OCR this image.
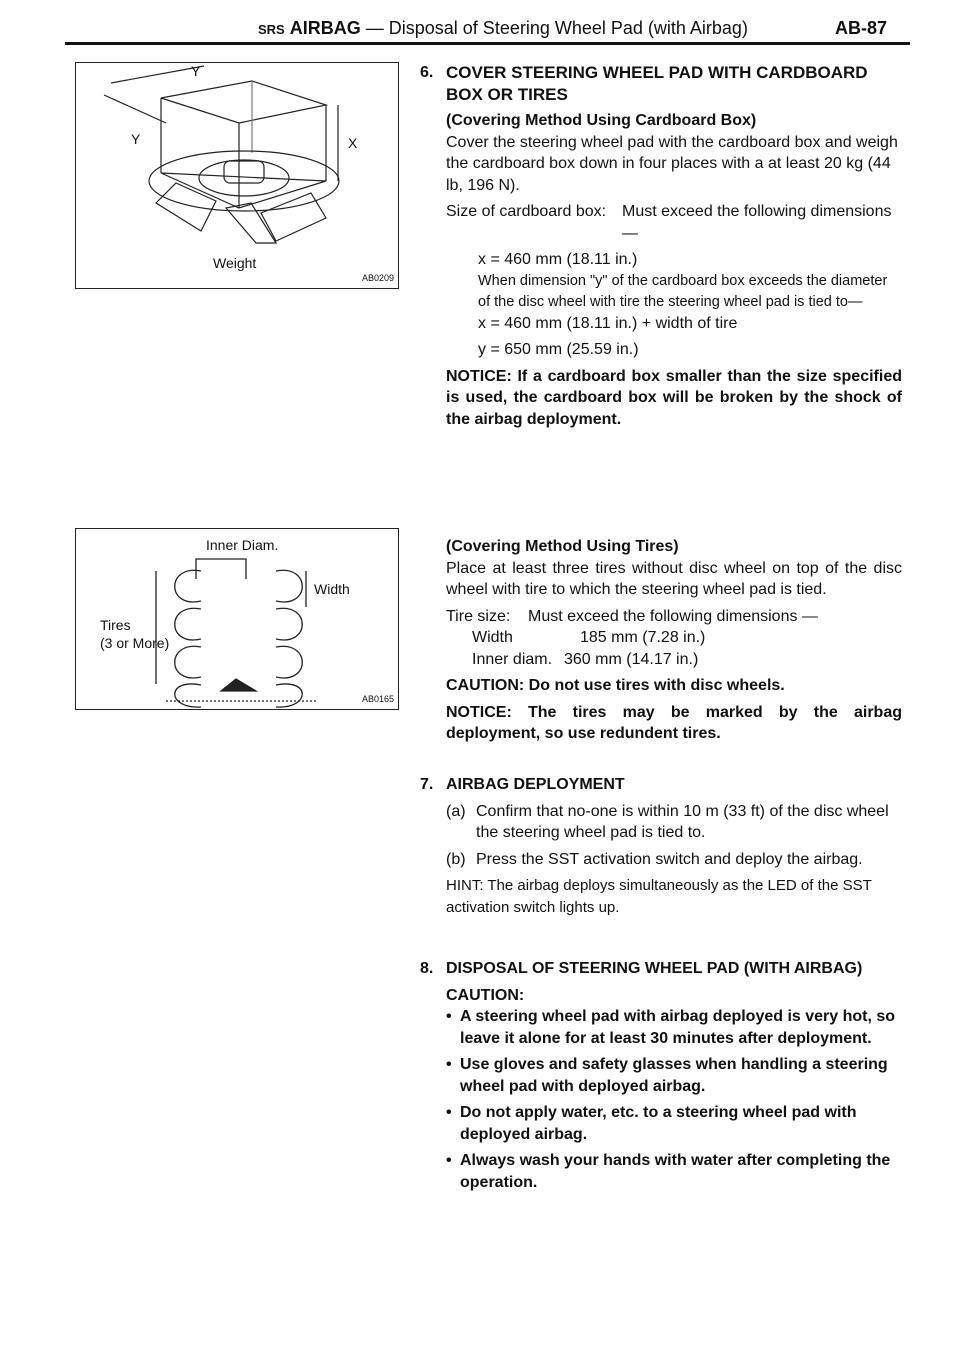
SRS AIRBAG — Disposal of Steering Wheel Pad (with Airbag)	AB-87
Y
Y	X
Weight
AB0209
Inner Diam.
Width
Tires
(3 or More)
AB0165
6. COVER STEERING WHEEL PAD WITH CARDBOARD BOX OR TIRES

(Covering Method Using Cardboard Box)

Cover the steering wheel pad with the cardboard box and weigh the cardboard box down in four places with a at least 20 kg (44 lb, 196 N).

Size of cardboard box: Must exceed the following dimensions—

x = 460 mm (18.11 in.)

When dimension "y" of the cardboard box exceeds the diameter of the disc wheel with tire the steering wheel pad is tied to—

x = 460 mm (18.11 in.) + width of tire

y = 650 mm (25.59 in.)

NOTICE: If a cardboard box smaller than the size specified is used, the cardboard box will be broken by the shock of the airbag deployment.

(Covering Method Using Tires)

Place at least three tires without disc wheel on top of the disc wheel with tire to which the steering wheel pad is tied.

Tire size:	Must exceed the following dimensions —
Width	185 mm (7.28 in.)
Inner diam. 360 mm (14.17 in.)

CAUTION: Do not use tires with disc wheels.

NOTICE: The tires may be marked by the airbag deployment, so use redundent tires.

7. AIRBAG DEPLOYMENT

(a) Confirm that no-one is within 10 m (33 ft) of the disc wheel the steering wheel pad is tied to.
(b) Press the SST activation switch and deploy the airbag.

HINT: The airbag deploys simultaneously as the LED of the SST activation switch lights up.

8. DISPOSAL OF STEERING WHEEL PAD (WITH AIRBAG)

CAUTION:

• A steering wheel pad with airbag deployed is very hot, so leave it alone for at least 30 minutes after deployment.
• Use gloves and safety glasses when handling a steering wheel pad with deployed airbag.
• Do not apply water, etc. to a steering wheel pad with deployed airbag.
• Always wash your hands with water after completing the operation.
